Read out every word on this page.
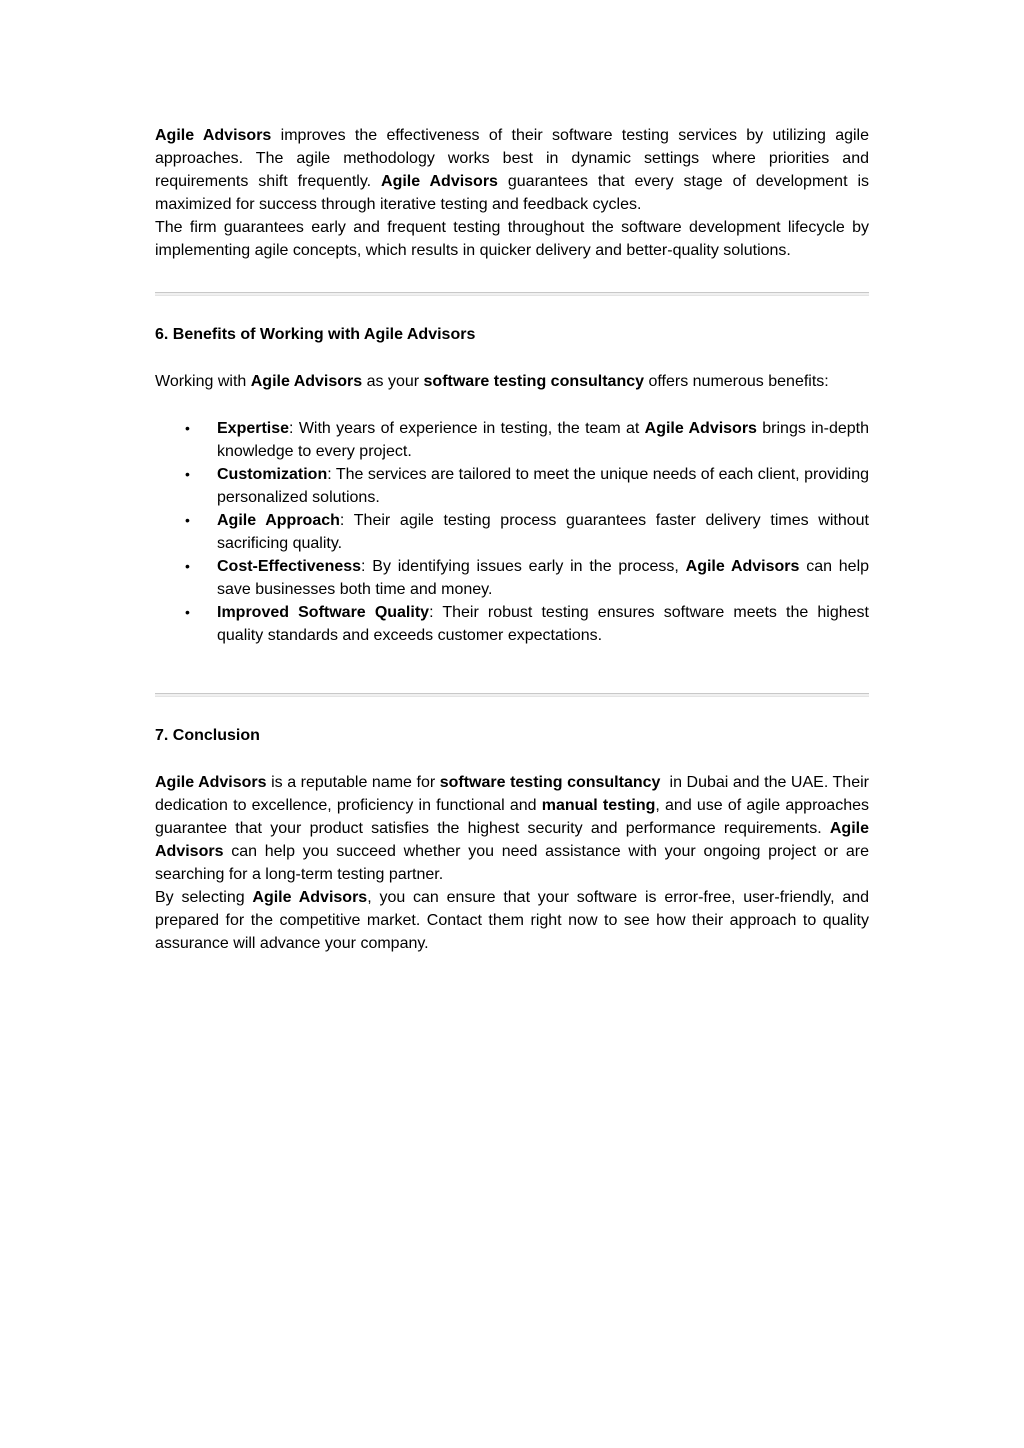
Agile Advisors improves the effectiveness of their software testing services by utilizing agile approaches. The agile methodology works best in dynamic settings where priorities and requirements shift frequently. Agile Advisors guarantees that every stage of development is maximized for success through iterative testing and feedback cycles.

The firm guarantees early and frequent testing throughout the software development lifecycle by implementing agile concepts, which results in quicker delivery and better-quality solutions.

6. Benefits of Working with Agile Advisors

Working with Agile Advisors as your software testing consultancy offers numerous benefits:

• Expertise: With years of experience in testing, the team at Agile Advisors brings in-depth knowledge to every project.
• Customization: The services are tailored to meet the unique needs of each client, providing personalized solutions.
• Agile Approach: Their agile testing process guarantees faster delivery times without sacrificing quality.
• Cost-Effectiveness: By identifying issues early in the process, Agile Advisors can help save businesses both time and money.
• Improved Software Quality: Their robust testing ensures software meets the highest quality standards and exceeds customer expectations.

7. Conclusion

Agile Advisors is a reputable name for software testing consultancy  in Dubai and the UAE. Their dedication to excellence, proficiency in functional and manual testing, and use of agile approaches guarantee that your product satisfies the highest security and performance requirements. Agile Advisors can help you succeed whether you need assistance with your ongoing project or are searching for a long-term testing partner.

By selecting Agile Advisors, you can ensure that your software is error-free, user-friendly, and prepared for the competitive market. Contact them right now to see how their approach to quality assurance will advance your company.
